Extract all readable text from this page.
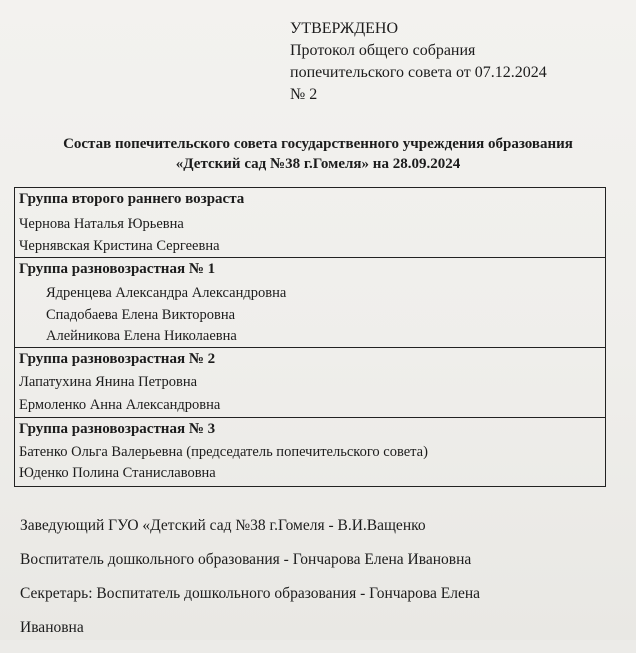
УТВЕРЖДЕНО
Протокол общего собрания
попечительского совета от 07.12.2024
№ 2
Состав попечительского совета государственного учреждения образования
«Детский сад №38 г.Гомеля» на 28.09.2024
Группа второго раннего возраста
Чернова Наталья Юрьевна
Чернявская Кристина Сергеевна
Группа разновозрастная № 1
Ядренцева Александра Александровна
Спадобаева Елена Викторовна
Алейникова Елена Николаевна
Группа разновозрастная № 2
Лапатухина Янина Петровна
Ермоленко Анна Александровна
Группа разновозрастная № 3
Батенко Ольга Валерьевна (председатель попечительского совета)
Юденко Полина Станиславовна
Заведующий ГУО «Детский сад №38 г.Гомеля - В.И.Ващенко
Воспитатель дошкольного образования - Гончарова Елена Ивановна
Секретарь: Воспитатель дошкольного образования - Гончарова Елена
Ивановна
